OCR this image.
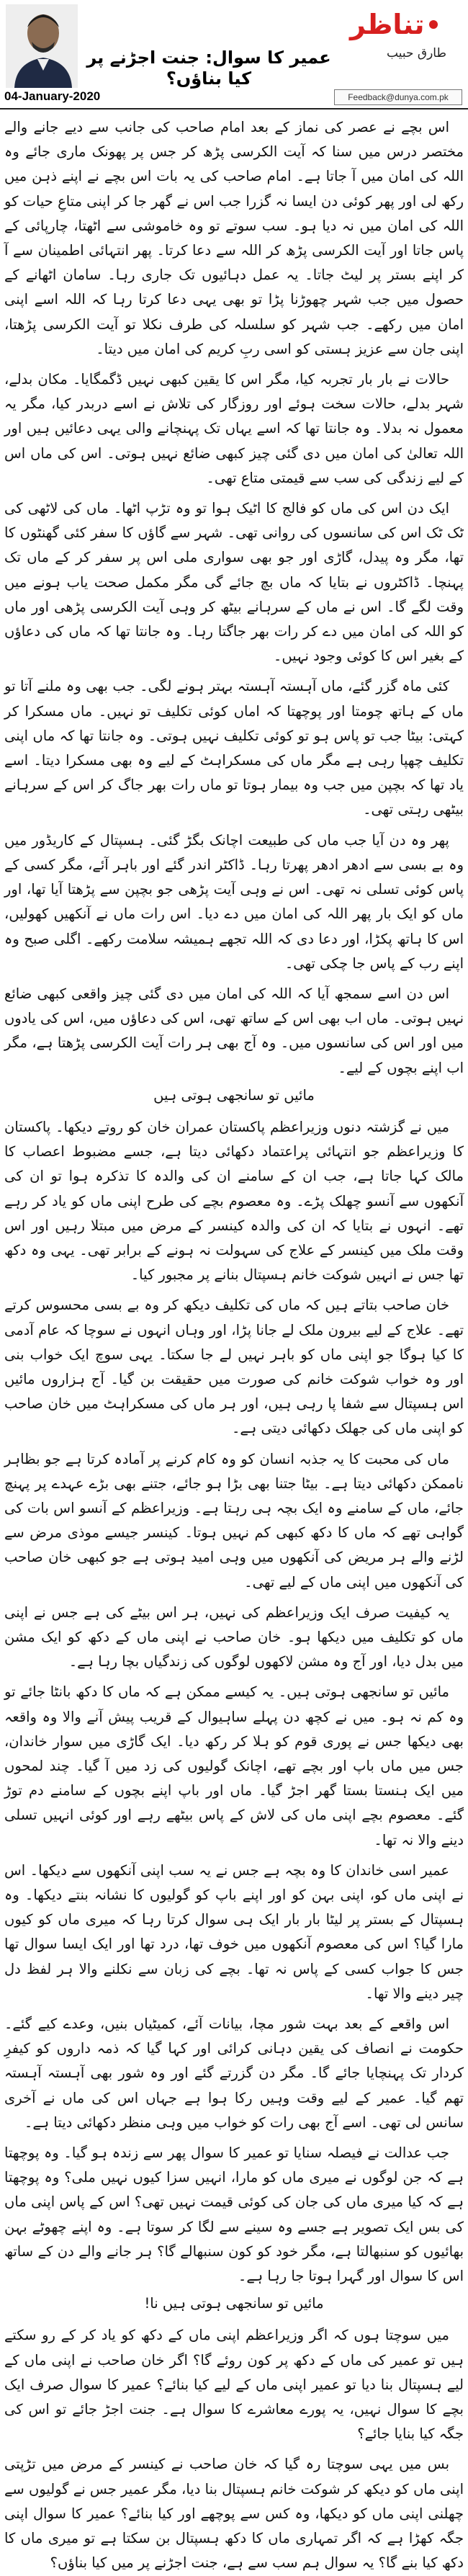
تناظر
طارق حبیب
عمیر کا سوال: جنت اجڑنے پر کیا بناؤں؟
04-January-2020	Feedback@dunya.com.pk

اس بچے نے عصر کی نماز کے بعد امام صاحب کی جانب سے دیے جانے والے مختصر درس میں سنا کہ آیت الکرسی پڑھ کر جس پر پھونک ماری جائے وہ اللہ کی امان میں آ جاتا ہے۔ امام صاحب کی یہ بات اس بچے نے اپنے ذہن میں رکھ لی اور پھر کوئی دن ایسا نہ گزرا جب اس نے گھر جا کر اپنی متاعِ حیات کو اللہ کی امان میں نہ دیا ہو۔ سب سوتے تو وہ خاموشی سے اٹھتا، چارپائی کے پاس جاتا اور آیت الکرسی پڑھ کر اللہ سے دعا کرتا۔ پھر انتہائی اطمینان سے آ کر اپنے بستر پر لیٹ جاتا۔ یہ عمل دہائیوں تک جاری رہا۔ سامان اٹھانے کے حصول میں جب شہر چھوڑنا پڑا تو بھی یہی دعا کرتا رہا کہ اللہ اسے اپنی امان میں رکھے۔ جب شہر کو سلسلہ کی طرف نکلا تو آیت الکرسی پڑھتا، اپنی جان سے عزیز ہستی کو اسی ربِ کریم کی امان میں دیتا۔

حالات نے بار بار تجربہ کیا، مگر اس کا یقین کبھی نہیں ڈگمگایا۔ مکان بدلے، شہر بدلے، حالات سخت ہوئے اور روزگار کی تلاش نے اسے دربدر کیا، مگر یہ معمول نہ بدلا۔ وہ جانتا تھا کہ اسے یہاں تک پہنچانے والی یہی دعائیں ہیں اور اللہ تعالیٰ کی امان میں دی گئی چیز کبھی ضائع نہیں ہوتی۔ اس کی ماں اس کے لیے زندگی کی سب سے قیمتی متاع تھی۔

ایک دن اس کی ماں کو فالج کا اٹیک ہوا تو وہ تڑپ اٹھا۔ ماں کی لاٹھی کی ٹک ٹک اس کی سانسوں کی روانی تھی۔ شہر سے گاؤں کا سفر کئی گھنٹوں کا تھا، مگر وہ پیدل، گاڑی اور جو بھی سواری ملی اس پر سفر کر کے ماں تک پہنچا۔ ڈاکٹروں نے بتایا کہ ماں بچ جائے گی مگر مکمل صحت یاب ہونے میں وقت لگے گا۔ اس نے ماں کے سرہانے بیٹھ کر وہی آیت الکرسی پڑھی اور ماں کو اللہ کی امان میں دے کر رات بھر جاگتا رہا۔ وہ جانتا تھا کہ ماں کی دعاؤں کے بغیر اس کا کوئی وجود نہیں۔

کئی ماہ گزر گئے، ماں آہستہ آہستہ بہتر ہونے لگی۔ جب بھی وہ ملنے آتا تو ماں کے ہاتھ چومتا اور پوچھتا کہ اماں کوئی تکلیف تو نہیں۔ ماں مسکرا کر کہتی: بیٹا جب تو پاس ہو تو کوئی تکلیف نہیں ہوتی۔ وہ جانتا تھا کہ ماں اپنی تکلیف چھپا رہی ہے مگر ماں کی مسکراہٹ کے لیے وہ بھی مسکرا دیتا۔ اسے یاد تھا کہ بچپن میں جب وہ بیمار ہوتا تو ماں رات بھر جاگ کر اس کے سرہانے بیٹھی رہتی تھی۔

پھر وہ دن آیا جب ماں کی طبیعت اچانک بگڑ گئی۔ ہسپتال کے کاریڈور میں وہ بے بسی سے ادھر ادھر پھرتا رہا۔ ڈاکٹر اندر گئے اور باہر آئے، مگر کسی کے پاس کوئی تسلی نہ تھی۔ اس نے وہی آیت پڑھی جو بچپن سے پڑھتا آیا تھا، اور ماں کو ایک بار پھر اللہ کی امان میں دے دیا۔ اس رات ماں نے آنکھیں کھولیں، اس کا ہاتھ پکڑا، اور دعا دی کہ اللہ تجھے ہمیشہ سلامت رکھے۔ اگلی صبح وہ اپنے رب کے پاس جا چکی تھی۔

اس دن اسے سمجھ آیا کہ اللہ کی امان میں دی گئی چیز واقعی کبھی ضائع نہیں ہوتی۔ ماں اب بھی اس کے ساتھ تھی، اس کی دعاؤں میں، اس کی یادوں میں اور اس کی سانسوں میں۔ وہ آج بھی ہر رات آیت الکرسی پڑھتا ہے، مگر اب اپنے بچوں کے لیے۔

مائیں تو سانجھی ہوتی ہیں

میں نے گزشتہ دنوں وزیراعظم پاکستان عمران خان کو روتے دیکھا۔ پاکستان کا وزیراعظم جو انتہائی پراعتماد دکھائی دیتا ہے، جسے مضبوط اعصاب کا مالک کہا جاتا ہے، جب ان کے سامنے ان کی والدہ کا تذکرہ ہوا تو ان کی آنکھوں سے آنسو چھلک پڑے۔ وہ معصوم بچے کی طرح اپنی ماں کو یاد کر رہے تھے۔ انہوں نے بتایا کہ ان کی والدہ کینسر کے مرض میں مبتلا رہیں اور اس وقت ملک میں کینسر کے علاج کی سہولت نہ ہونے کے برابر تھی۔ یہی وہ دکھ تھا جس نے انہیں شوکت خانم ہسپتال بنانے پر مجبور کیا۔

خان صاحب بتاتے ہیں کہ ماں کی تکلیف دیکھ کر وہ بے بسی محسوس کرتے تھے۔ علاج کے لیے بیرون ملک لے جانا پڑا، اور وہاں انہوں نے سوچا کہ عام آدمی کا کیا ہوگا جو اپنی ماں کو باہر نہیں لے جا سکتا۔ یہی سوچ ایک خواب بنی اور وہ خواب شوکت خانم کی صورت میں حقیقت بن گیا۔ آج ہزاروں مائیں اس ہسپتال سے شفا پا رہی ہیں، اور ہر ماں کی مسکراہٹ میں خان صاحب کو اپنی ماں کی جھلک دکھائی دیتی ہے۔

ماں کی محبت کا یہ جذبہ انسان کو وہ کام کرنے پر آمادہ کرتا ہے جو بظاہر ناممکن دکھائی دیتا ہے۔ بیٹا جتنا بھی بڑا ہو جائے، جتنے بھی بڑے عہدے پر پہنچ جائے، ماں کے سامنے وہ ایک بچہ ہی رہتا ہے۔ وزیراعظم کے آنسو اس بات کی گواہی تھے کہ ماں کا دکھ کبھی کم نہیں ہوتا۔ کینسر جیسے موذی مرض سے لڑنے والے ہر مریض کی آنکھوں میں وہی امید ہوتی ہے جو کبھی خان صاحب کی آنکھوں میں اپنی ماں کے لیے تھی۔

یہ کیفیت صرف ایک وزیراعظم کی نہیں، ہر اس بیٹے کی ہے جس نے اپنی ماں کو تکلیف میں دیکھا ہو۔ خان صاحب نے اپنی ماں کے دکھ کو ایک مشن میں بدل دیا، اور آج وہ مشن لاکھوں لوگوں کی زندگیاں بچا رہا ہے۔

مائیں تو سانجھی ہوتی ہیں۔ یہ کیسے ممکن ہے کہ ماں کا دکھ بانٹا جائے تو وہ کم نہ ہو۔ میں نے کچھ دن پہلے ساہیوال کے قریب پیش آنے والا وہ واقعہ بھی دیکھا جس نے پوری قوم کو ہلا کر رکھ دیا۔ ایک گاڑی میں سوار خاندان، جس میں ماں باپ اور بچے تھے، اچانک گولیوں کی زد میں آ گیا۔ چند لمحوں میں ایک ہنستا بستا گھر اجڑ گیا۔ ماں اور باپ اپنے بچوں کے سامنے دم توڑ گئے۔ معصوم بچے اپنی ماں کی لاش کے پاس بیٹھے رہے اور کوئی انہیں تسلی دینے والا نہ تھا۔

عمیر اسی خاندان کا وہ بچہ ہے جس نے یہ سب اپنی آنکھوں سے دیکھا۔ اس نے اپنی ماں کو، اپنی بہن کو اور اپنے باپ کو گولیوں کا نشانہ بنتے دیکھا۔ وہ ہسپتال کے بستر پر لیٹا بار بار ایک ہی سوال کرتا رہا کہ میری ماں کو کیوں مارا گیا؟ اس کی معصوم آنکھوں میں خوف تھا، درد تھا اور ایک ایسا سوال تھا جس کا جواب کسی کے پاس نہ تھا۔ بچے کی زبان سے نکلنے والا ہر لفظ دل چیر دینے والا تھا۔

اس واقعے کے بعد بہت شور مچا، بیانات آئے، کمیٹیاں بنیں، وعدے کیے گئے۔ حکومت نے انصاف کی یقین دہانی کرائی اور کہا گیا کہ ذمہ داروں کو کیفرِ کردار تک پہنچایا جائے گا۔ مگر دن گزرتے گئے اور وہ شور بھی آہستہ آہستہ تھم گیا۔ عمیر کے لیے وقت وہیں رکا ہوا ہے جہاں اس کی ماں نے آخری سانس لی تھی۔ اسے آج بھی رات کو خواب میں وہی منظر دکھائی دیتا ہے۔

جب عدالت نے فیصلہ سنایا تو عمیر کا سوال پھر سے زندہ ہو گیا۔ وہ پوچھتا ہے کہ جن لوگوں نے میری ماں کو مارا، انہیں سزا کیوں نہیں ملی؟ وہ پوچھتا ہے کہ کیا میری ماں کی جان کی کوئی قیمت نہیں تھی؟ اس کے پاس اپنی ماں کی بس ایک تصویر ہے جسے وہ سینے سے لگا کر سوتا ہے۔ وہ اپنے چھوٹے بہن بھائیوں کو سنبھالتا ہے، مگر خود کو کون سنبھالے گا؟ ہر جانے والے دن کے ساتھ اس کا سوال اور گہرا ہوتا جا رہا ہے۔

مائیں تو سانجھی ہوتی ہیں نا!

میں سوچتا ہوں کہ اگر وزیراعظم اپنی ماں کے دکھ کو یاد کر کے رو سکتے ہیں تو عمیر کی ماں کے دکھ پر کون روئے گا؟ اگر خان صاحب نے اپنی ماں کے لیے ہسپتال بنا دیا تو عمیر اپنی ماں کے لیے کیا بنائے؟ عمیر کا سوال صرف ایک بچے کا سوال نہیں، یہ پورے معاشرے کا سوال ہے۔ جنت اجڑ جائے تو اس کی جگہ کیا بنایا جائے؟

بس میں یہی سوچتا رہ گیا کہ خان صاحب نے کینسر کے مرض میں تڑپتی اپنی ماں کو دیکھ کر شوکت خانم ہسپتال بنا دیا، مگر عمیر جس نے گولیوں سے چھلنی اپنی ماں کو دیکھا، وہ کس سے پوچھے اور کیا بنائے؟ عمیر کا سوال اپنی جگہ کھڑا ہے کہ اگر تمہاری ماں کا دکھ ہسپتال بن سکتا ہے تو میری ماں کا دکھ کیا بنے گا؟ یہ سوال ہم سب سے ہے، جنت اجڑنے پر میں کیا بناؤں؟
